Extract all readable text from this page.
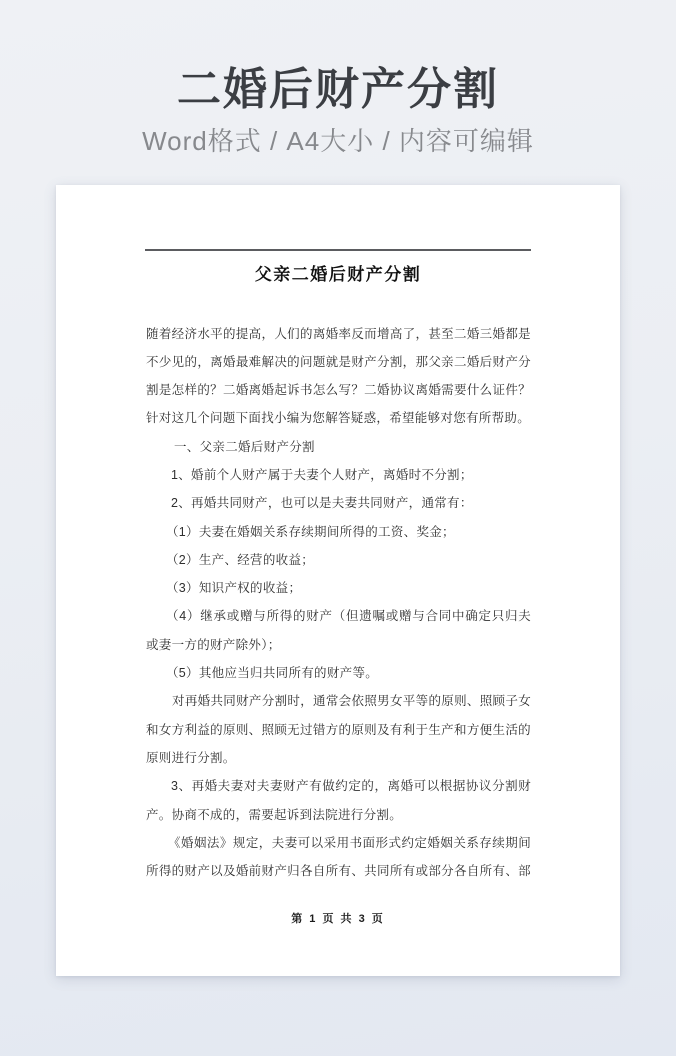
二婚后财产分割
Word格式 / A4大小 / 内容可编辑
父亲二婚后财产分割
随着经济水平的提高，人们的离婚率反而增高了，甚至二婚三婚都是
不少见的，离婚最难解决的问题就是财产分割，那父亲二婚后财产分
割是怎样的？二婚离婚起诉书怎么写？二婚协议离婚需要什么证件？
针对这几个问题下面找小编为您解答疑惑，希望能够对您有所帮助。
一、父亲二婚后财产分割
1、婚前个人财产属于夫妻个人财产，离婚时不分割；
2、再婚共同财产，也可以是夫妻共同财产，通常有：
（1）夫妻在婚姻关系存续期间所得的工资、奖金；
（2）生产、经营的收益；
（3）知识产权的收益；
（4）继承或赠与所得的财产（但遗嘱或赠与合同中确定只归夫
或妻一方的财产除外）；
（5）其他应当归共同所有的财产等。
对再婚共同财产分割时，通常会依照男女平等的原则、照顾子女
和女方利益的原则、照顾无过错方的原则及有利于生产和方便生活的
原则进行分割。
3、再婚夫妻对夫妻财产有做约定的，离婚可以根据协议分割财
产。协商不成的，需要起诉到法院进行分割。
《婚姻法》规定，夫妻可以采用书面形式约定婚姻关系存续期间
所得的财产以及婚前财产归各自所有、共同所有或部分各自所有、部
第 1 页 共 3 页
